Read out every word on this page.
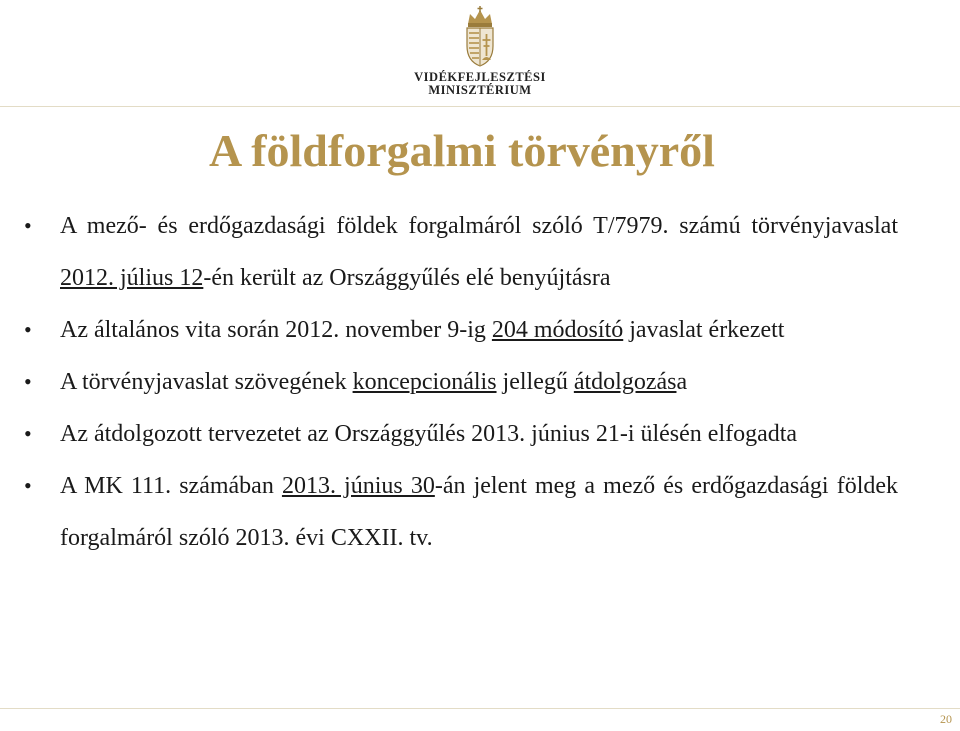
VIDÉKFEJLESZTÉSI
MINISZTÉRIUM
A földforgalmi törvényről
• A mező- és erdőgazdasági földek forgalmáról szóló T/7979. számú törvényjavaslat 2012. július 12-én került az Országgyűlés elé benyújtásra
• Az általános vita során 2012. november 9-ig 204 módosító javaslat érkezett
• A törvényjavaslat szövegének koncepcionális jellegű átdolgozása
• Az átdolgozott tervezetet az Országgyűlés 2013. június 21-i ülésén elfogadta
• A MK 111. számában 2013. június 30-án jelent meg a mező és erdőgazdasági földek forgalmáról szóló 2013. évi CXXII. tv.
20
